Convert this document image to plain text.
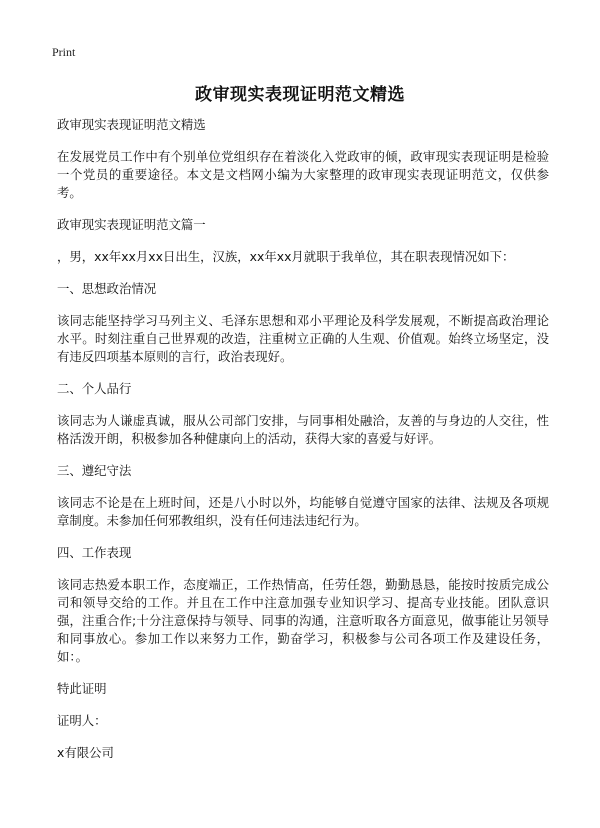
Print
政审现实表现证明范文精选

政审现实表现证明范文精选

在发展党员工作中有个别单位党组织存在着淡化入党政审的倾，政审现实表现证明是检验一个党员的重要途径。本文是文档网小编为大家整理的政审现实表现证明范文，仅供参考。

政审现实表现证明范文篇一

，男，xx年xx月xx日出生，汉族，xx年xx月就职于我单位，其在职表现情况如下：

一、思想政治情况

该同志能坚持学习马列主义、毛泽东思想和邓小平理论及科学发展观，不断提高政治理论水平。时刻注重自己世界观的改造，注重树立正确的人生观、价值观。始终立场坚定，没有违反四项基本原则的言行，政治表现好。

二、个人品行

该同志为人谦虚真诚，服从公司部门安排，与同事相处融洽，友善的与身边的人交往，性格活泼开朗，积极参加各种健康向上的活动，获得大家的喜爱与好评。

三、遵纪守法

该同志不论是在上班时间，还是八小时以外，均能够自觉遵守国家的法律、法规及各项规章制度。未参加任何邪教组织，没有任何违法违纪行为。

四、工作表现

该同志热爱本职工作，态度端正，工作热情高，任劳任怨，勤勤恳恳，能按时按质完成公司和领导交给的工作。并且在工作中注意加强专业知识学习、提高专业技能。团队意识强，注重合作;十分注意保持与领导、同事的沟通，注意听取各方面意见，做事能让另领导和同事放心。参加工作以来努力工作，勤奋学习，积极参与公司各项工作及建设任务，如：。

特此证明

证明人：

x有限公司
